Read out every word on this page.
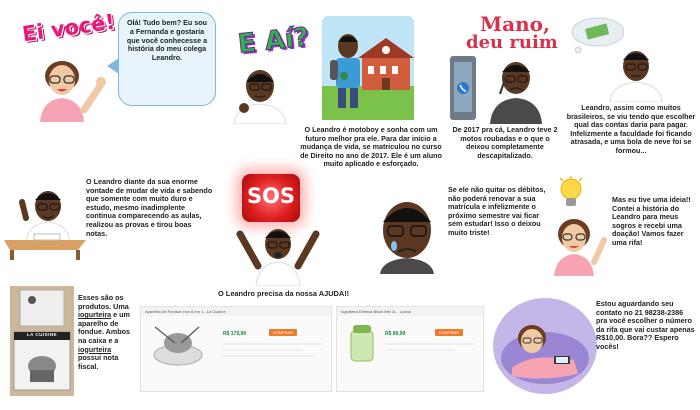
Ei você!	Olá! Tudo bem? Eu sou a Fernanda e gostaria que você conhecesse a história do meu colega Leandro.	E Aí?	Mano,
deu ruim
O Leandro é motoboy e sonha com um futuro melhor pra ele. Para dar início a mudança de vida, se matriculou no curso de Direito no ano de 2017. Ele é um aluno muito aplicado e esforçado.
De 2017 pra cá, Leandro teve 2 motos roubadas e o que o deixou completamente descapitalizado.
Leandro, assim como muitos brasileiros, se viu tendo que escolher qual das contas daria para pagar. Infelizmente a faculdade foi ficando atrasada, e uma bola de neve foi se formou...
O Leandro diante da sua enorme vontade de mudar de vida e sabendo que somente com muito duro e estudo, mesmo inadimplente continua comparecendo as aulas, realizou as provas e tirou boas notas.
SOS
O Leandro precisa da nossa AJUDA!!
Se ele não quitar os débitos, não poderá renovar a sua matrícula e infelizmente o próximo semestre vai ficar sem estudar! Isso o deixou muito triste!
Mas eu tive uma ideia!! Contei a história do Leandro para meus sogros e recebi uma doação! Vamos fazer uma rifa!
LA CUISINE
Esses são os produtos. Uma iogurteira e um aparelho de fondue. Ambos na caixa e a iogurteira possui nota fiscal.
Aparelho de Fondue Inox 8 em 1 - La Cuisine
R$ 179,99	COMPRAR
Iogurteira Elétrica Bivolt Mel 1L - Luana
R$ 89,99	COMPRAR
Estou aguardando seu contato no 21 98238-2386 pra você escolher o número da rifa que vai custar apenas R$10,00. Bora?? Espero vocês!
